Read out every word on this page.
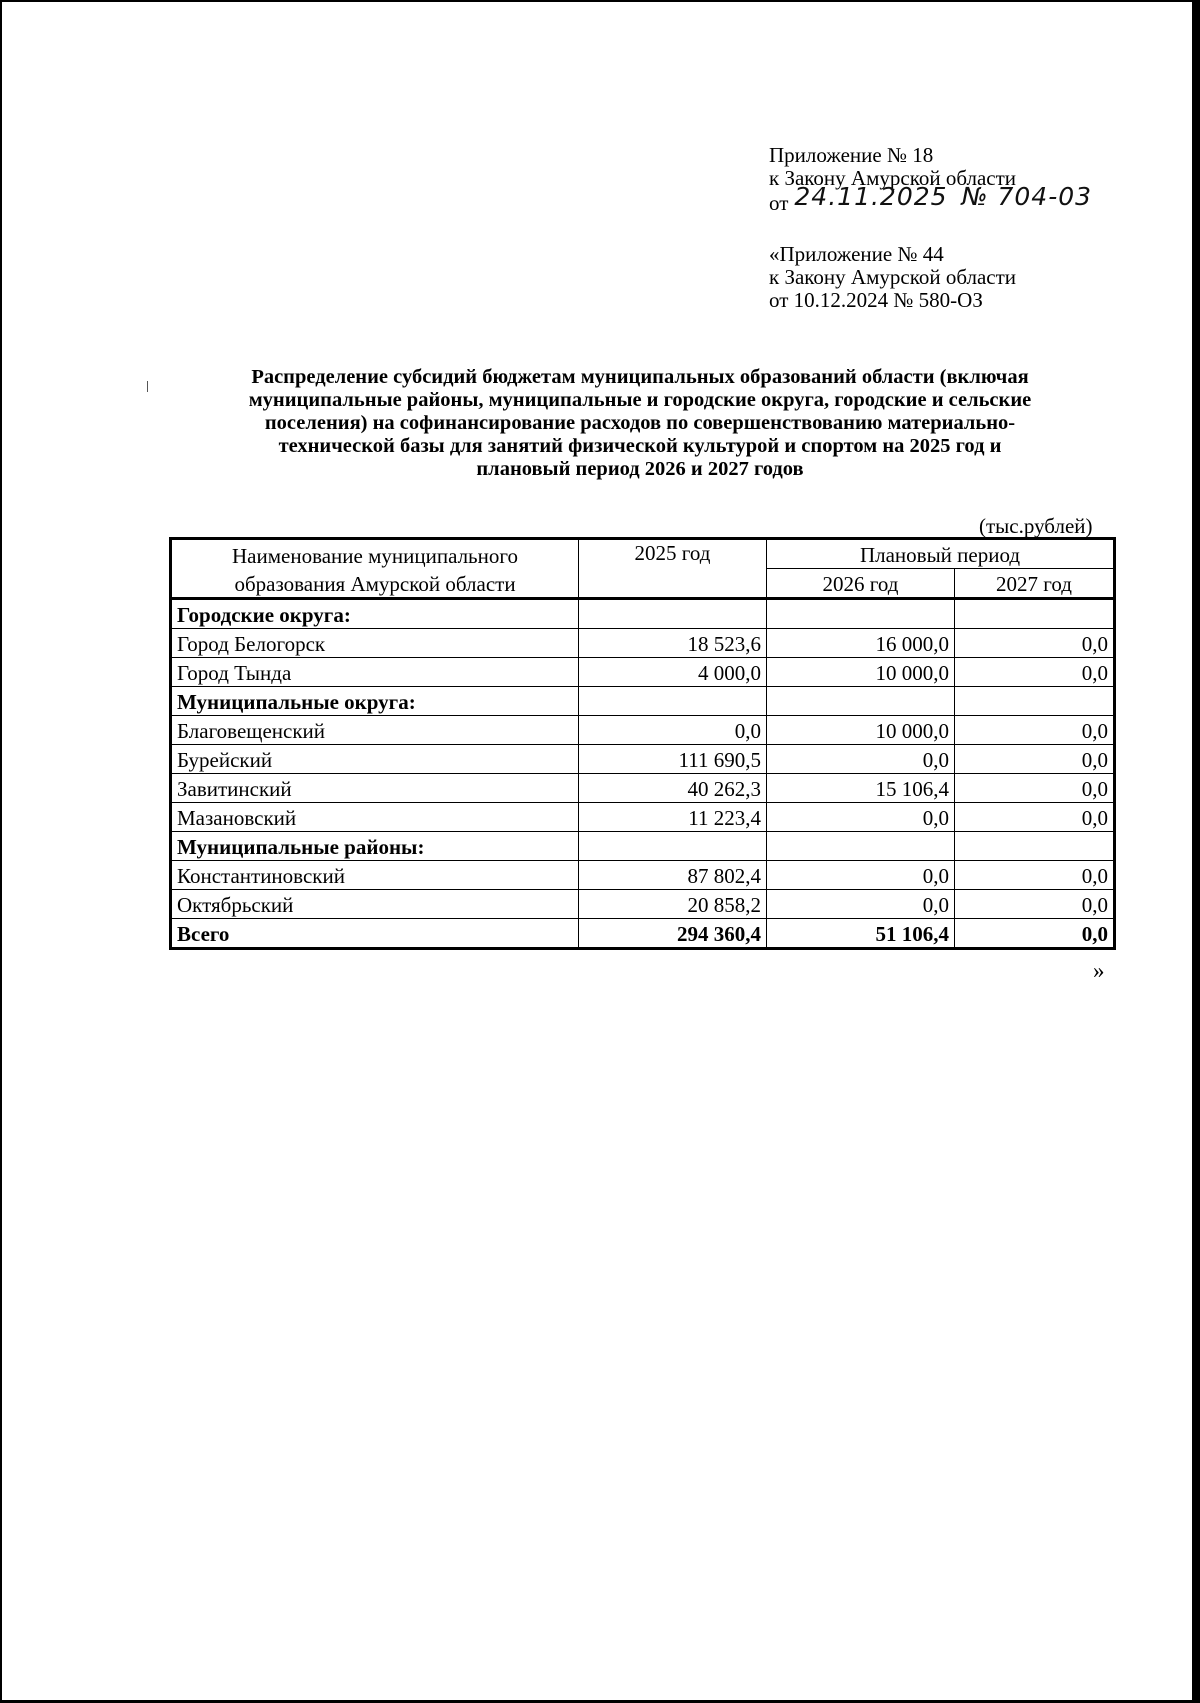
Приложение № 18
к Закону Амурской области
от 24.11.2025 № 704-03
«Приложение № 44
к Закону Амурской области
от 10.12.2024 № 580-ОЗ
Распределение субсидий бюджетам муниципальных образований области (включая
муниципальные районы, муниципальные и городские округа, городские и сельские
поселения) на софинансирование расходов по совершенствованию материально-
технической базы для занятий физической культурой и спортом на 2025 год и
плановый период 2026 и 2027 годов
(тыс.рублей)
Наименование муниципального	2025 год	Плановый период	
образования Амурской области		2026 год	2027 год
Городские округа:			
Город Белогорск	18 523,6	16 000,0	0,0
Город Тында	4 000,0	10 000,0	0,0
Муниципальные округа:			
Благовещенский	0,0	10 000,0	0,0
Бурейский	111 690,5	0,0	0,0
Завитинский	40 262,3	15 106,4	0,0
Мазановский	11 223,4	0,0	0,0
Муниципальные районы:			
Константиновский	87 802,4	0,0	0,0
Октябрьский	20 858,2	0,0	0,0
Всего	294 360,4	51 106,4	0,0
»
